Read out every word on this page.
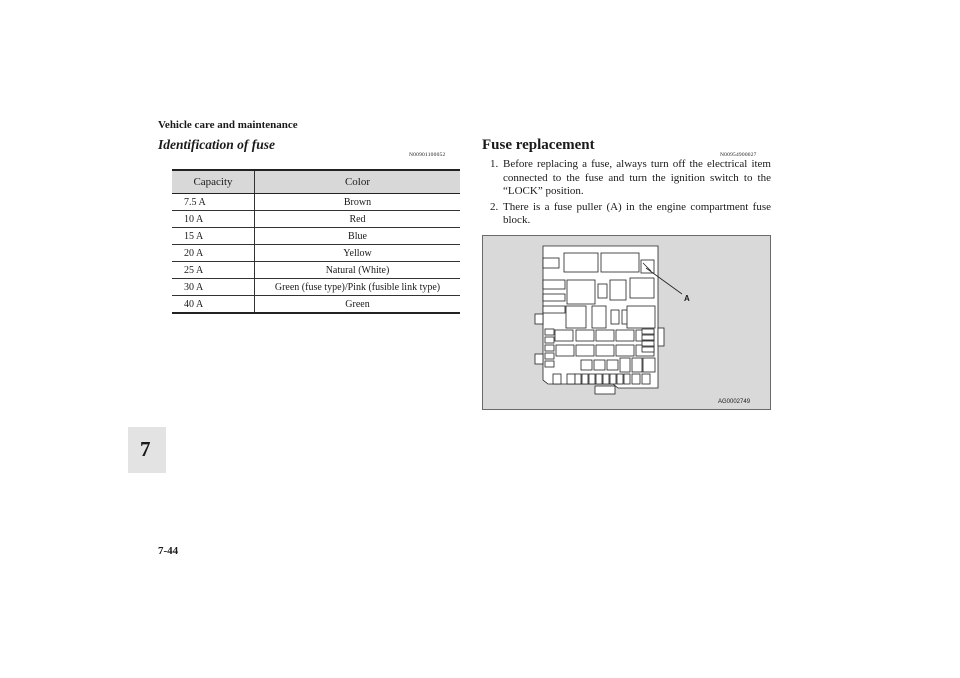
Vehicle care and maintenance
7
7-44
Identification of fuse
N00901100052
Capacity	Color
7.5 A	Brown
10 A	Red
15 A	Blue
20 A	Yellow
25 A	Natural (White)
30 A	Green (fuse type)/Pink (fusible link type)
40 A	Green
Fuse replacement
N00954900027
1. Before replacing a fuse, always turn off the electrical item connected to the fuse and turn the ignition switch to the “LOCK” position.
2. There is a fuse puller (A) in the engine compartment fuse block.
A
AG0002749
